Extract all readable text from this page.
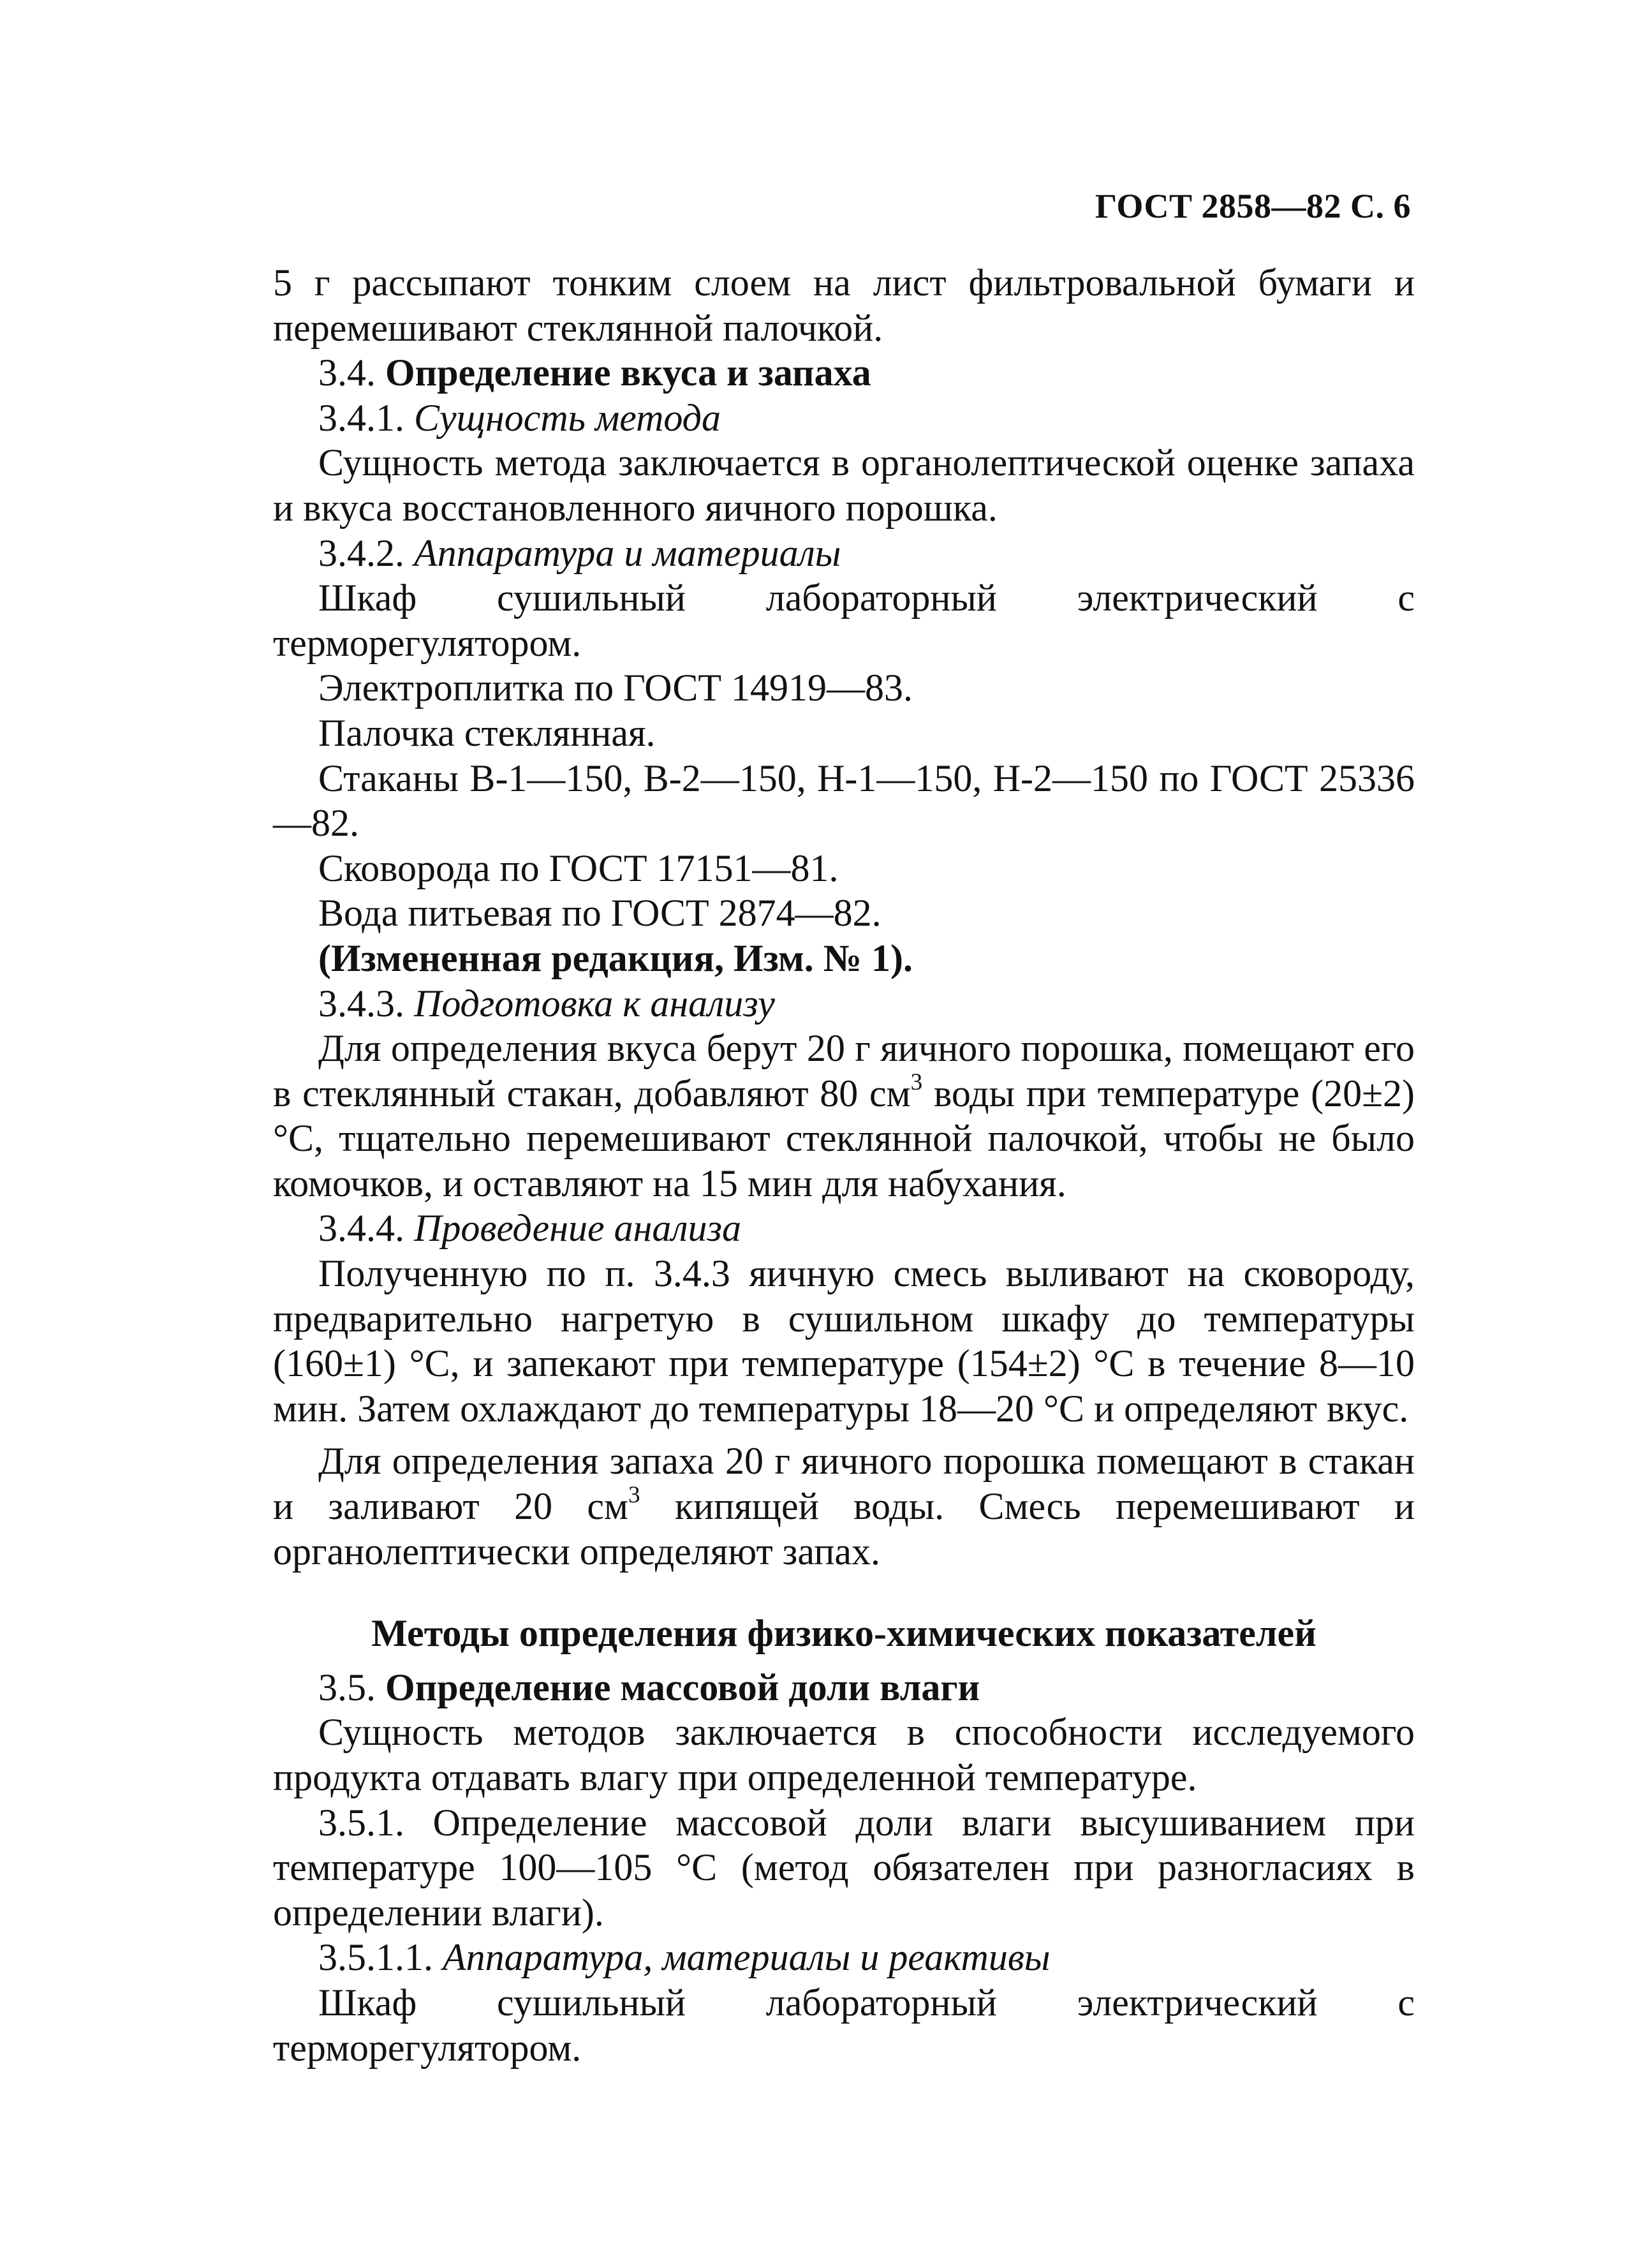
ГОСТ 2858—82 С. 6

5 г рассыпают тонким слоем на лист фильтровальной бумаги и перемешивают стеклянной палочкой.

3.4. Определение вкуса и запаха

3.4.1. Сущность метода

Сущность метода заключается в органолептической оценке запаха и вкуса восстановленного яичного порошка.

3.4.2. Аппаратура и материалы

Шкаф сушильный лабораторный электрический с терморегулятором.

Электроплитка по ГОСТ 14919—83.

Палочка стеклянная.

Стаканы В-1—150, В-2—150, Н-1—150, Н-2—150 по ГОСТ 25336—82.

Сковорода по ГОСТ 17151—81.

Вода питьевая по ГОСТ 2874—82.

(Измененная редакция, Изм. № 1).

3.4.3. Подготовка к анализу

Для определения вкуса берут 20 г яичного порошка, помещают его в стеклянный стакан, добавляют 80 $см^3$ воды при температуре (20±2) °С, тщательно перемешивают стеклянной палочкой, чтобы не было комочков, и оставляют на 15 мин для набухания.

3.4.4. Проведение анализа

Полученную по п. 3.4.3 яичную смесь выливают на сковороду, предварительно нагретую в сушильном шкафу до температуры (160±1) °С, и запекают при температуре (154±2) °С в течение 8—10 мин. Затем охлаждают до температуры 18—20 °С и определяют вкус.

Для определения запаха 20 г яичного порошка помещают в стакан и заливают 20 $см^3$ кипящей воды. Смесь перемешивают и органолептически определяют запах.

Методы определения физико-химических показателей

3.5. Определение массовой доли влаги

Сущность методов заключается в способности исследуемого продукта отдавать влагу при определенной температуре.

3.5.1. Определение массовой доли влаги высушиванием при температуре 100—105 °С (метод обязателен при разногласиях в определении влаги).

3.5.1.1. Аппаратура, материалы и реактивы

Шкаф сушильный лабораторный электрический с терморегулятором.
